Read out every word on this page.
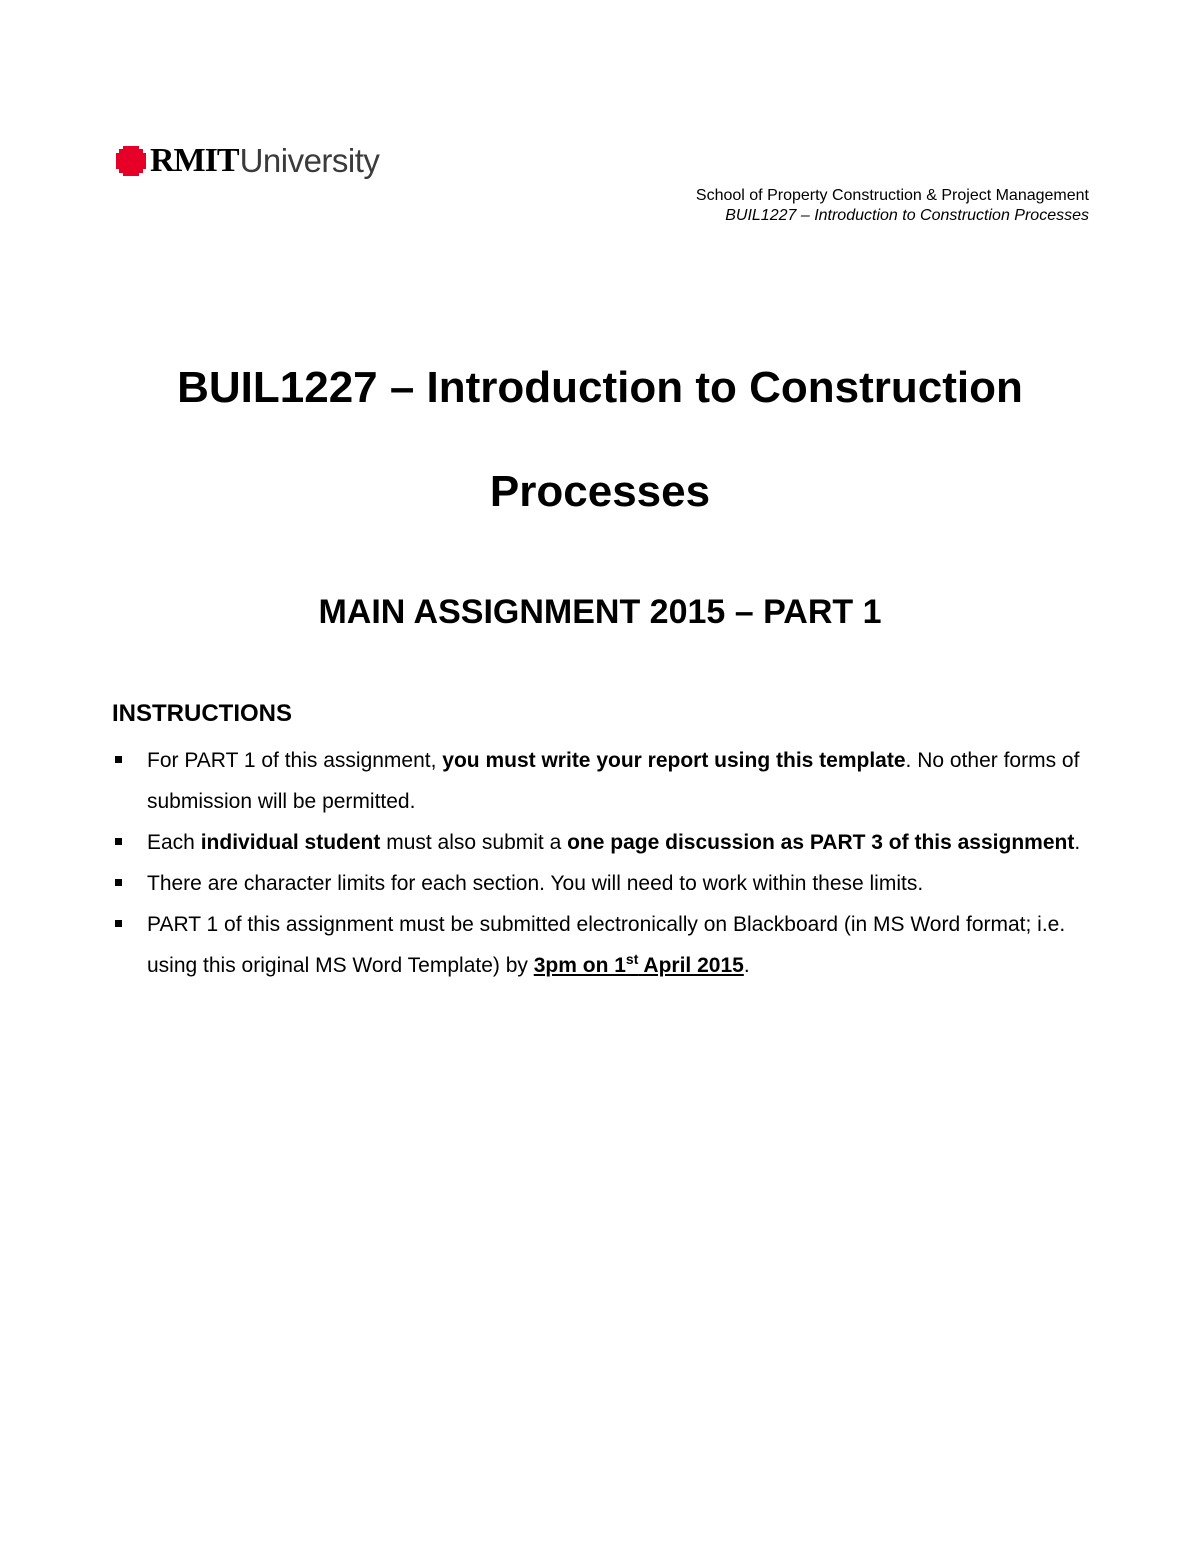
RMIT University
School of Property Construction & Project Management
BUIL1227 – Introduction to Construction Processes
BUIL1227 – Introduction to Construction
Processes
MAIN ASSIGNMENT 2015 – PART 1
INSTRUCTIONS
For PART 1 of this assignment, you must write your report using this template. No other forms of submission will be permitted.
Each individual student must also submit a one page discussion as PART 3 of this assignment.
There are character limits for each section. You will need to work within these limits.
PART 1 of this assignment must be submitted electronically on Blackboard (in MS Word format; i.e. using this original MS Word Template) by 3pm on 1st April 2015.
